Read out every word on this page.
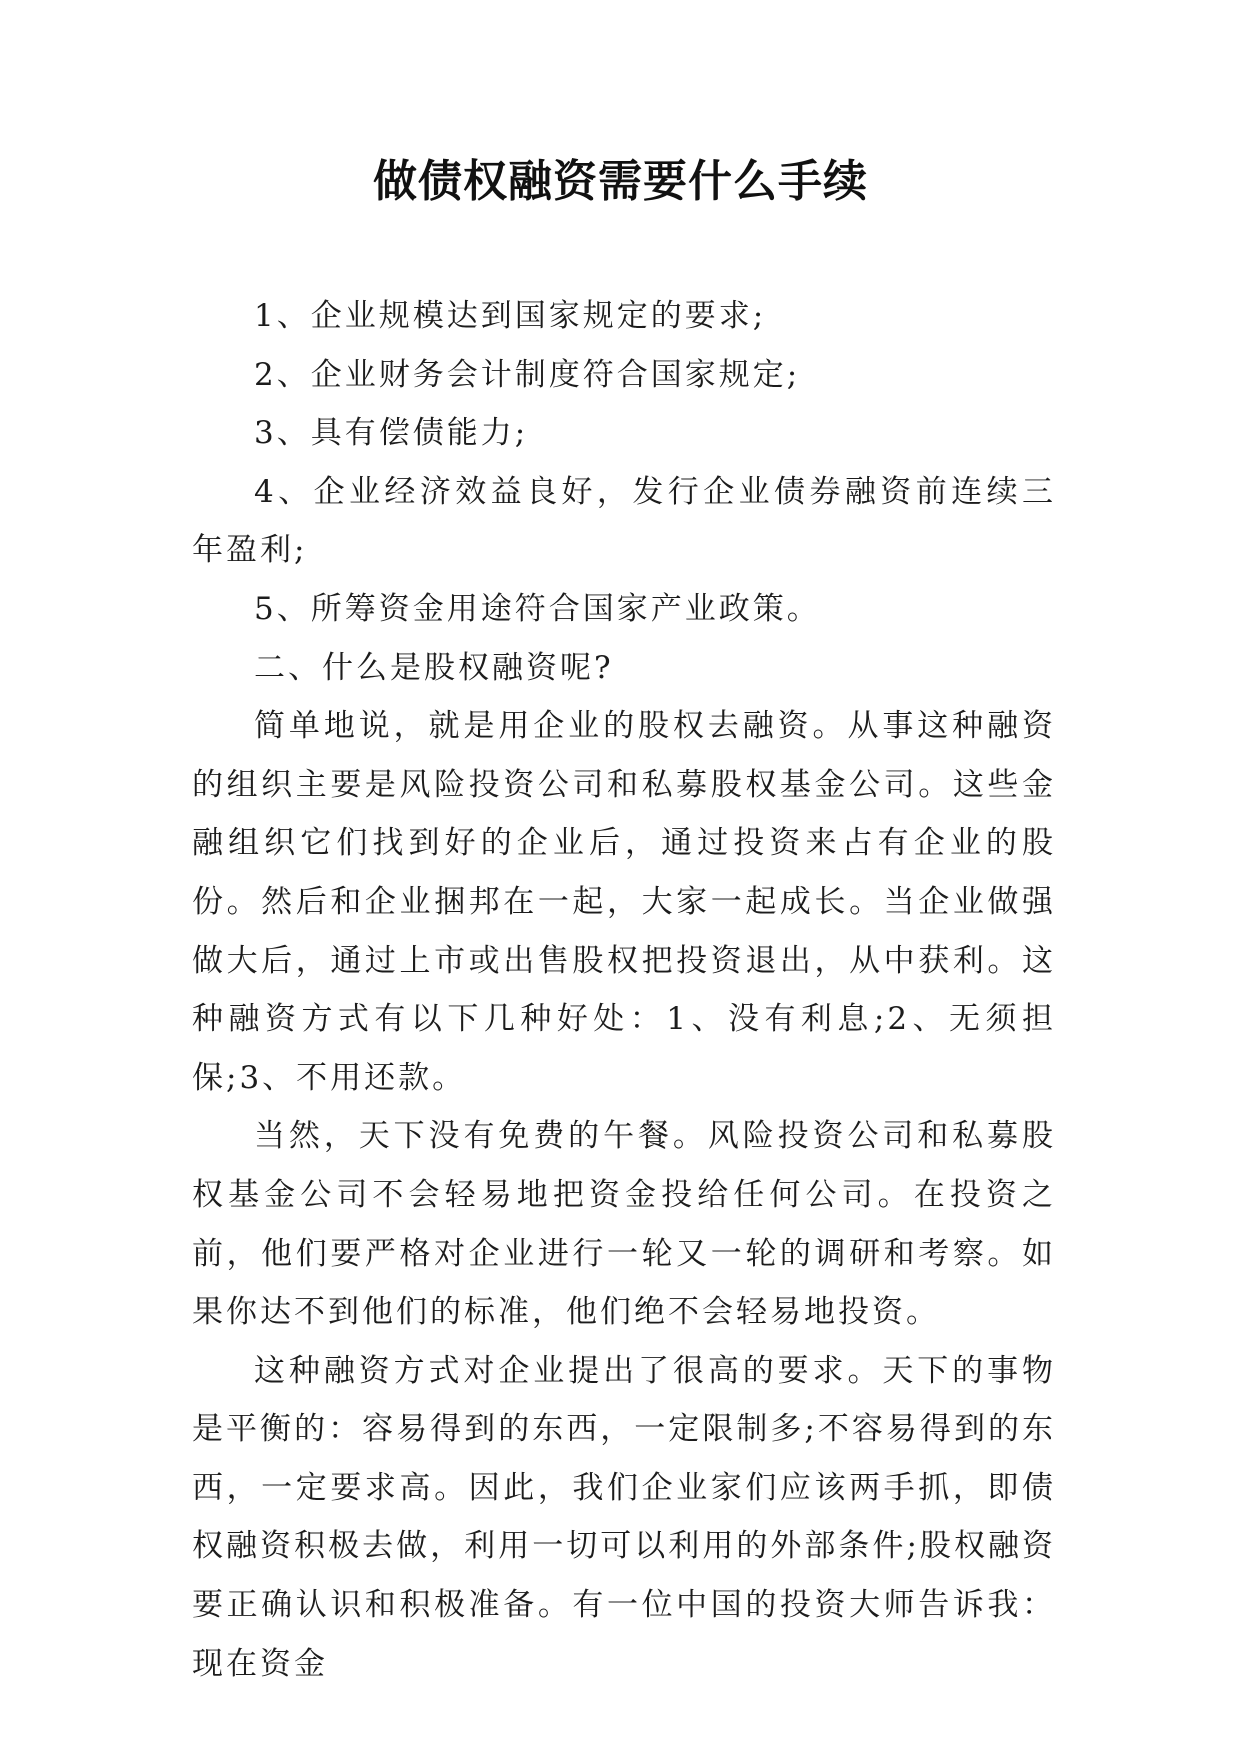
做债权融资需要什么手续

1、企业规模达到国家规定的要求;

2、企业财务会计制度符合国家规定;

3、具有偿债能力;

4、企业经济效益良好，发行企业债券融资前连续三年盈利;

5、所筹资金用途符合国家产业政策。

二、什么是股权融资呢?

简单地说，就是用企业的股权去融资。从事这种融资的组织主要是风险投资公司和私募股权基金公司。这些金融组织它们找到好的企业后，通过投资来占有企业的股份。然后和企业捆邦在一起，大家一起成长。当企业做强做大后，通过上市或出售股权把投资退出，从中获利。这种融资方式有以下几种好处：1、没有利息;2、无须担保;3、不用还款。

当然，天下没有免费的午餐。风险投资公司和私募股权基金公司不会轻易地把资金投给任何公司。在投资之前，他们要严格对企业进行一轮又一轮的调研和考察。如果你达不到他们的标准，他们绝不会轻易地投资。

这种融资方式对企业提出了很高的要求。天下的事物是平衡的：容易得到的东西，一定限制多;不容易得到的东西，一定要求高。因此，我们企业家们应该两手抓，即债权融资积极去做，利用一切可以利用的外部条件;股权融资要正确认识和积极准备。有一位中国的投资大师告诉我：现在资金
